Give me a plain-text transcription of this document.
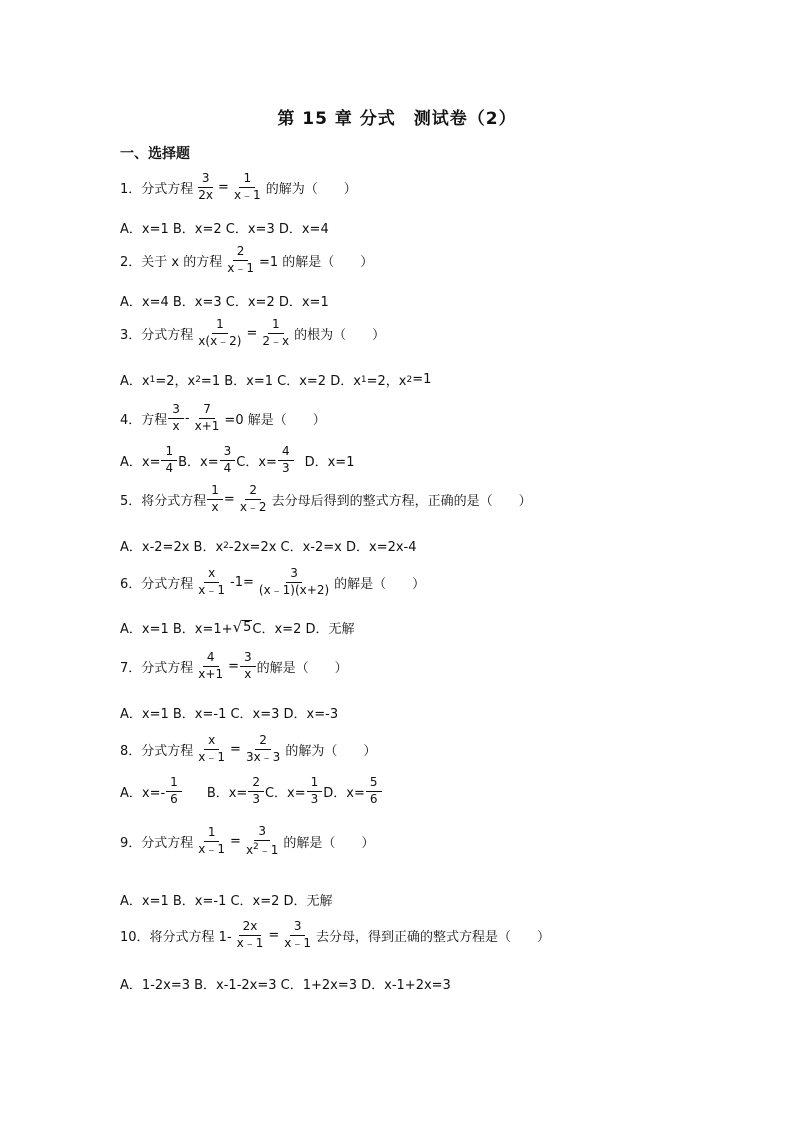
第 15 章 分式　测试卷（2）
一、选择题
1．分式方程 $\frac{3}{2x} = \frac{1}{x﹣1}$ 的解为（　　）
A．x=1 B．x=2 C．x=3 D．x=4
2．关于 x 的方程 $\frac{2}{x﹣1} =1$ 的解是（　　）
A．x=4 B．x=3 C．x=2 D．x=1
3．分式方程 $\frac{1}{x(x﹣2)} = \frac{1}{2﹣x}$ 的根为（　　）
A．x 1 =2，x 2 =1 B．x=1 C．x=2 D．x 1 =2，x 2 =1
4．方程 $\frac{3}{x} - \frac{7}{x+1} =0$ 解是（　　）
A．$x= \frac{1}{4}$ B．$x= \frac{3}{4}$ C．$x= \frac{4}{3}$ D．x=1
5．将分式方程 $\frac{1}{x} = \frac{2}{x﹣2}$ 去分母后得到的整式方程，正确的是（　　）
A．x-2=2x B．x 2 -2x=2x C．x-2=x D．x=2x-4
6．分式方程 $\frac{x}{x﹣1} -1= \frac{3}{(x﹣1)(x+2)}$ 的解是（　　）
A．x=1 B．x=1+ √ 5 C．x=2 D．无解
7．分式方程 $\frac{4}{x+1} = \frac{3}{x}$ 的解是（　　）
A．x=1 B．x=-1 C．x=3 D．x=-3
8．分式方程 $\frac{x}{x﹣1} = \frac{2}{3x﹣3}$ 的解为（　　）
A．$x=- \frac{1}{6}$ B．$x= \frac{2}{3}$ C．$x= \frac{1}{3}$ D．$x= \frac{5}{6}$
9．分式方程 $\frac{1}{x﹣1} = \frac{3}{x^2﹣1}$ 的解是（　　）
A．x=1 B．x=-1 C．x=2 D．无解
10．将分式方程 $1- \frac{2x}{x﹣1} = \frac{3}{x﹣1}$ 去分母，得到正确的整式方程是（　　）
A．1-2x=3 B．x-1-2x=3 C．1+2x=3 D．x-1+2x=3
